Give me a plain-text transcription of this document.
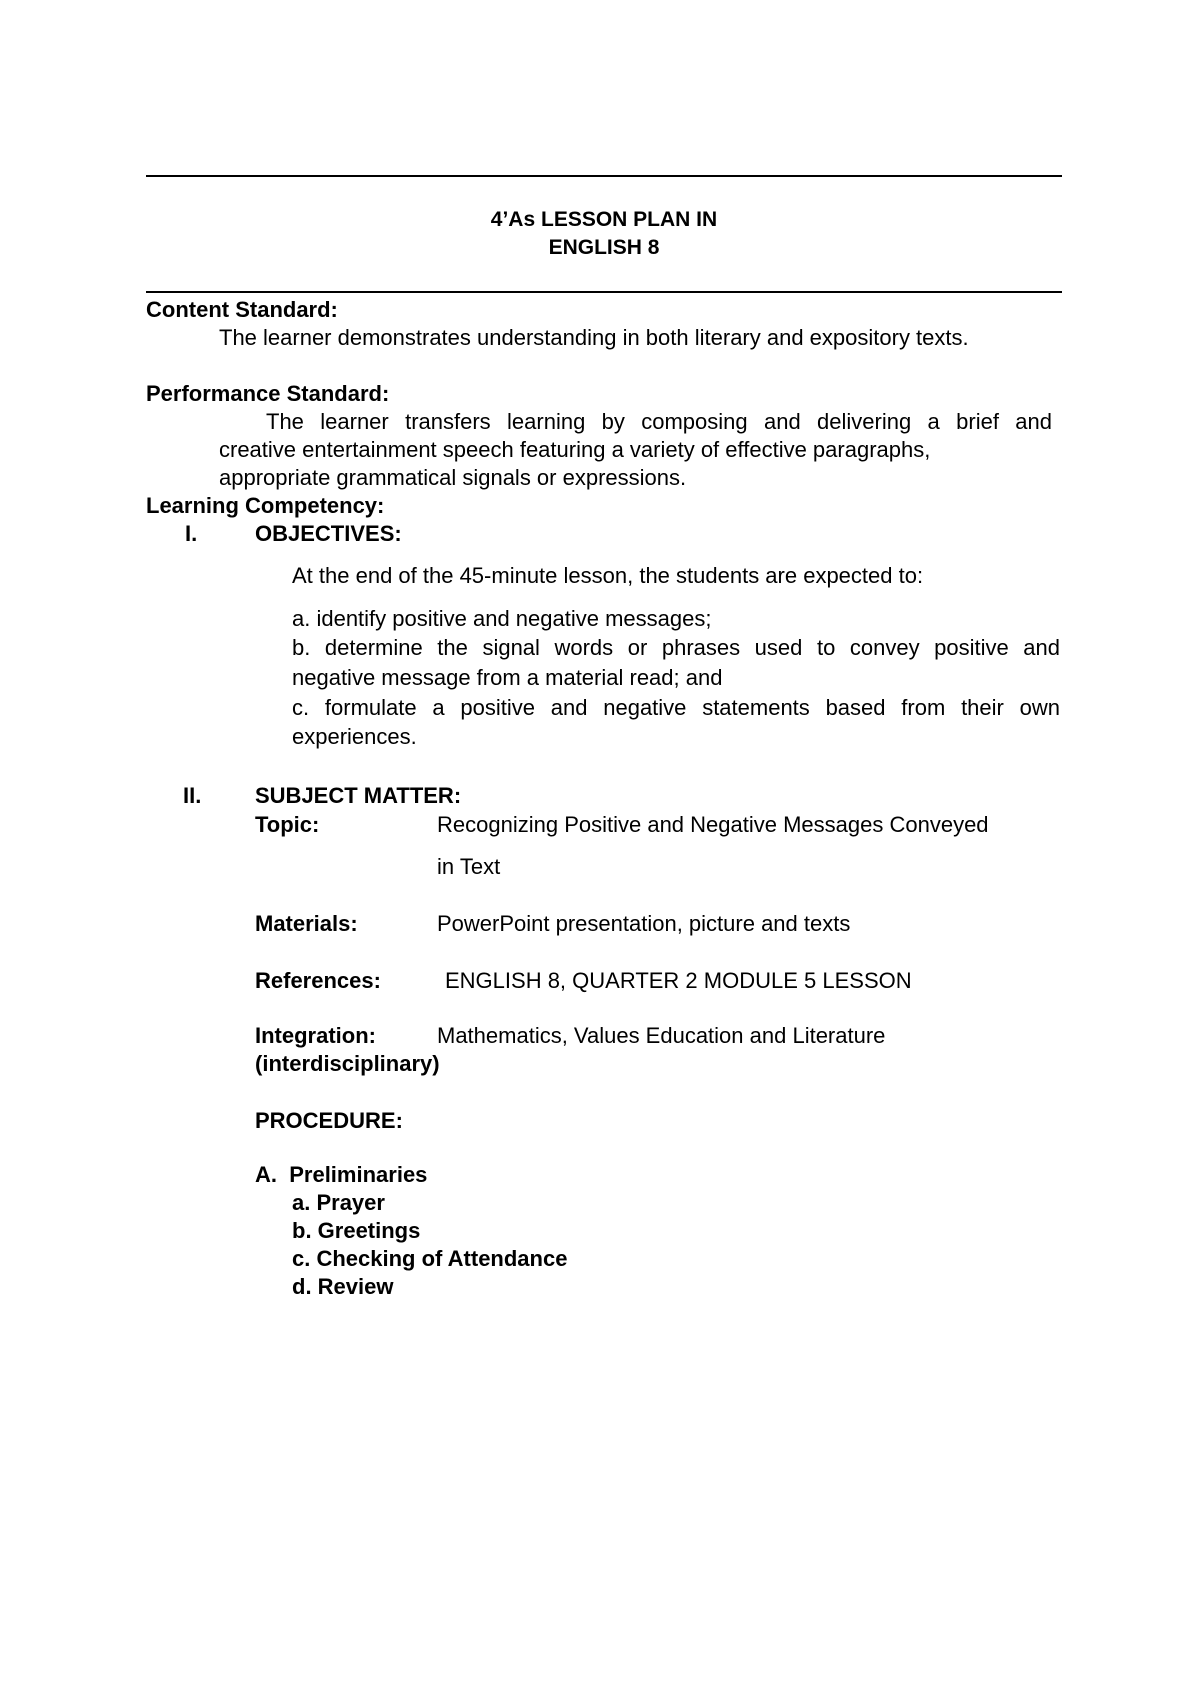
4’As LESSON PLAN IN
ENGLISH 8
Content Standard:
The learner demonstrates understanding in both literary and expository texts.
Performance Standard:
The learner transfers learning by composing and delivering a brief and
creative entertainment speech featuring a variety of effective paragraphs,
appropriate grammatical signals or expressions.
Learning Competency:
I.	OBJECTIVES:
At the end of the 45-minute lesson, the students are expected to:
a. identify positive and negative messages;
b. determine the signal words or phrases used to convey positive and
negative message from a material read; and
c. formulate a positive and negative statements based from their own
experiences.
II. SUBJECT MATTER:
Topic:	Recognizing Positive and Negative Messages Conveyed
in Text
Materials:	PowerPoint presentation, picture and texts
References:	ENGLISH 8, QUARTER 2 MODULE 5 LESSON
Integration:	Mathematics, Values Education and Literature
(interdisciplinary)
PROCEDURE:
A.  Preliminaries
a. Prayer
b. Greetings
c. Checking of Attendance
d. Review
